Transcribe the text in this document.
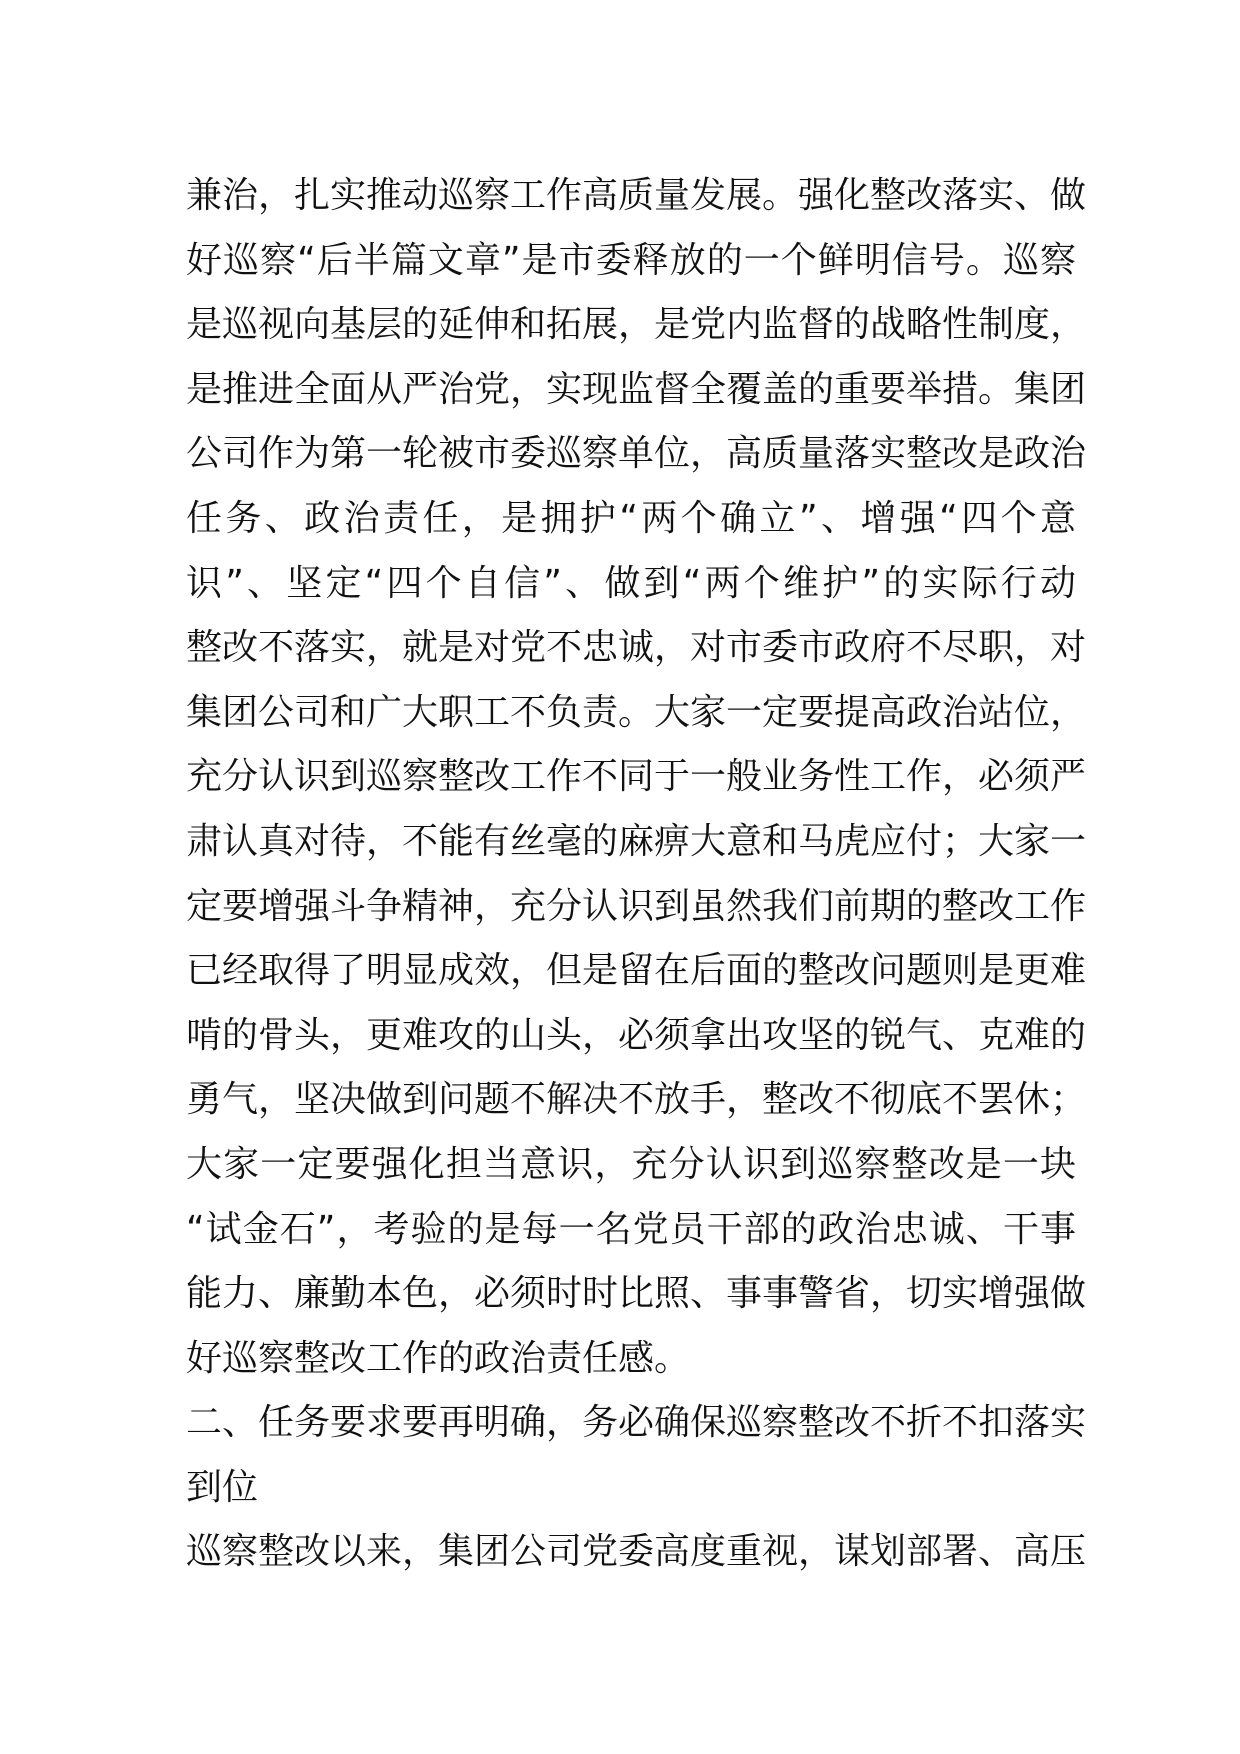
兼治，扎实推动巡察工作高质量发展。强化整改落实、做
好巡察“后半篇文章”是市委释放的一个鲜明信号。巡察
是巡视向基层的延伸和拓展，是党内监督的战略性制度，
是推进全面从严治党，实现监督全覆盖的重要举措。集团
公司作为第一轮被市委巡察单位，高质量落实整改是政治
任务、政治责任，是拥护“两个确立”、增强“四个意
识”、坚定“四个自信”、做到“两个维护”的实际行动
整改不落实，就是对党不忠诚，对市委市政府不尽职，对
集团公司和广大职工不负责。大家一定要提高政治站位，
充分认识到巡察整改工作不同于一般业务性工作，必须严
肃认真对待，不能有丝毫的麻痹大意和马虎应付；大家一
定要增强斗争精神，充分认识到虽然我们前期的整改工作
已经取得了明显成效，但是留在后面的整改问题则是更难
啃的骨头，更难攻的山头，必须拿出攻坚的锐气、克难的
勇气，坚决做到问题不解决不放手，整改不彻底不罢休；
大家一定要强化担当意识，充分认识到巡察整改是一块
“试金石”，考验的是每一名党员干部的政治忠诚、干事
能力、廉勤本色，必须时时比照、事事警省，切实增强做
好巡察整改工作的政治责任感。
二、任务要求要再明确，务必确保巡察整改不折不扣落实
到位
巡察整改以来，集团公司党委高度重视，谋划部署、高压
